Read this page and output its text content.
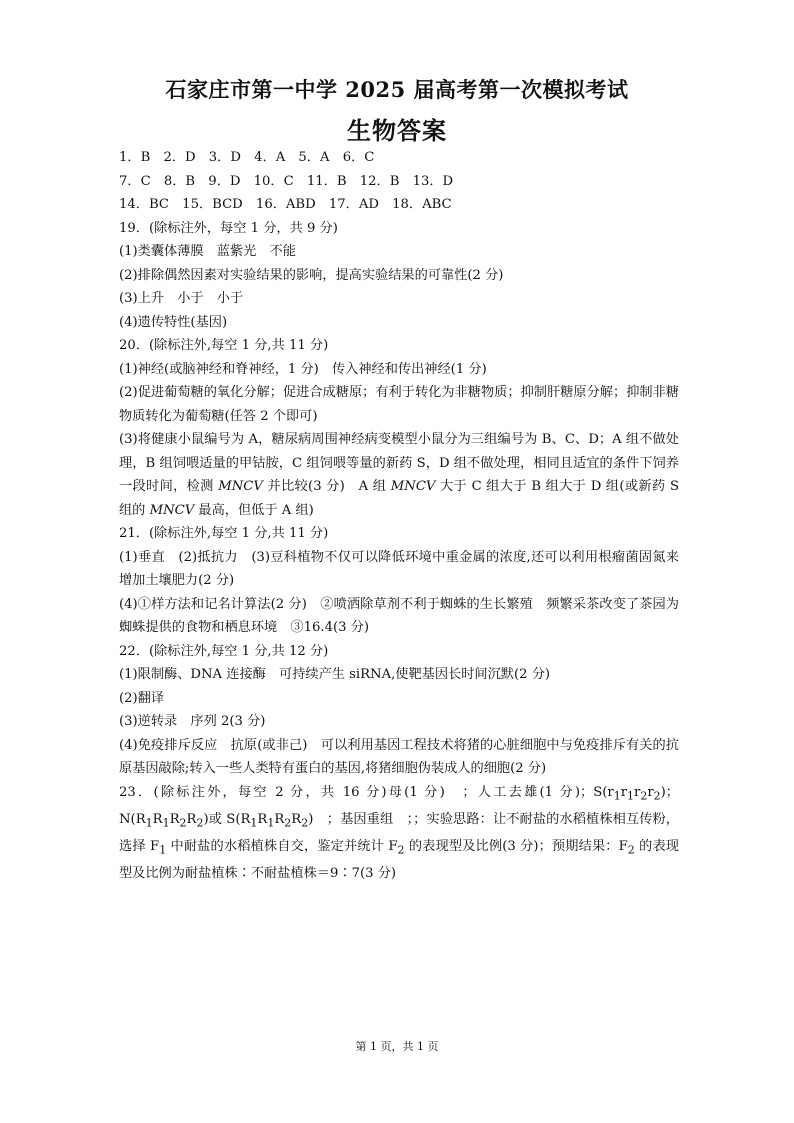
石家庄市第一中学 2025 届高考第一次模拟考试
生物答案
1．B　2．D　3．D　4．A　5．A　6．C
7．C　8．B　9．D　10．C　11．B　12．B　13．D
14．BC　15．BCD　16．ABD　17．AD　18．ABC
19．(除标注外，每空 1 分，共 9 分)
(1)类囊体薄膜　蓝紫光　不能
(2)排除偶然因素对实验结果的影响，提高实验结果的可靠性(2 分)
(3)上升　小于　小于
(4)遗传特性(基因)
20．(除标注外,每空 1 分,共 11 分)
(1)神经(或脑神经和脊神经，1 分)　传入神经和传出神经(1 分)
(2)促进葡萄糖的氧化分解；促进合成糖原；有利于转化为非糖物质；抑制肝糖原分解；抑制非糖物质转化为葡萄糖(任答 2 个即可)
(3)将健康小鼠编号为 A，糖尿病周围神经病变模型小鼠分为三组编号为 B、C、D；A 组不做处理，B 组饲喂适量的甲钴胺，C 组饲喂等量的新药 S，D 组不做处理，相同且适宜的条件下饲养一段时间，检测 MNCV 并比较(3 分)　A 组 MNCV 大于 C 组大于 B 组大于 D 组(或新药 S 组的 MNCV 最高，但低于 A 组)
21．(除标注外,每空 1 分,共 11 分)
(1)垂直　(2)抵抗力　(3)豆科植物不仅可以降低环境中重金属的浓度,还可以利用根瘤菌固氮来增加土壤肥力(2 分)
(4)①样方法和记名计算法(2 分)　②喷洒除草剂不利于蜘蛛的生长繁殖　频繁采茶改变了茶园为蜘蛛提供的食物和栖息环境　③16.4(3 分)
22．(除标注外,每空 1 分,共 12 分)
(1)限制酶、DNA 连接酶　可持续产生 siRNA,使靶基因长时间沉默(2 分)
(2)翻译
(3)逆转录　序列 2(3 分)
(4)免疫排斥反应　抗原(或非己)　可以利用基因工程技术将猪的心脏细胞中与免疫排斥有关的抗原基因敲除;转入一些人类特有蛋白的基因,将猪细胞伪装成人的细胞(2 分)
23．(除标注外，每空 2 分，共 16 分)母(1 分)　；人工去雄(1 分)；$S(r_1r_1r_2r_2)$；$N(R_1R_1R_2R_2)$或 $S(R_1R_1R_2R_2)$　；基因重组　；；实验思路：让不耐盐的水稻植株相互传粉，选择 $F_1$ 中耐盐的水稻植株自交，鉴定并统计 $F_2$ 的表现型及比例(3 分)；预期结果：$F_2$ 的表现型及比例为耐盐植株∶不耐盐植株＝9∶7(3 分)
第 1 页，共 1 页
